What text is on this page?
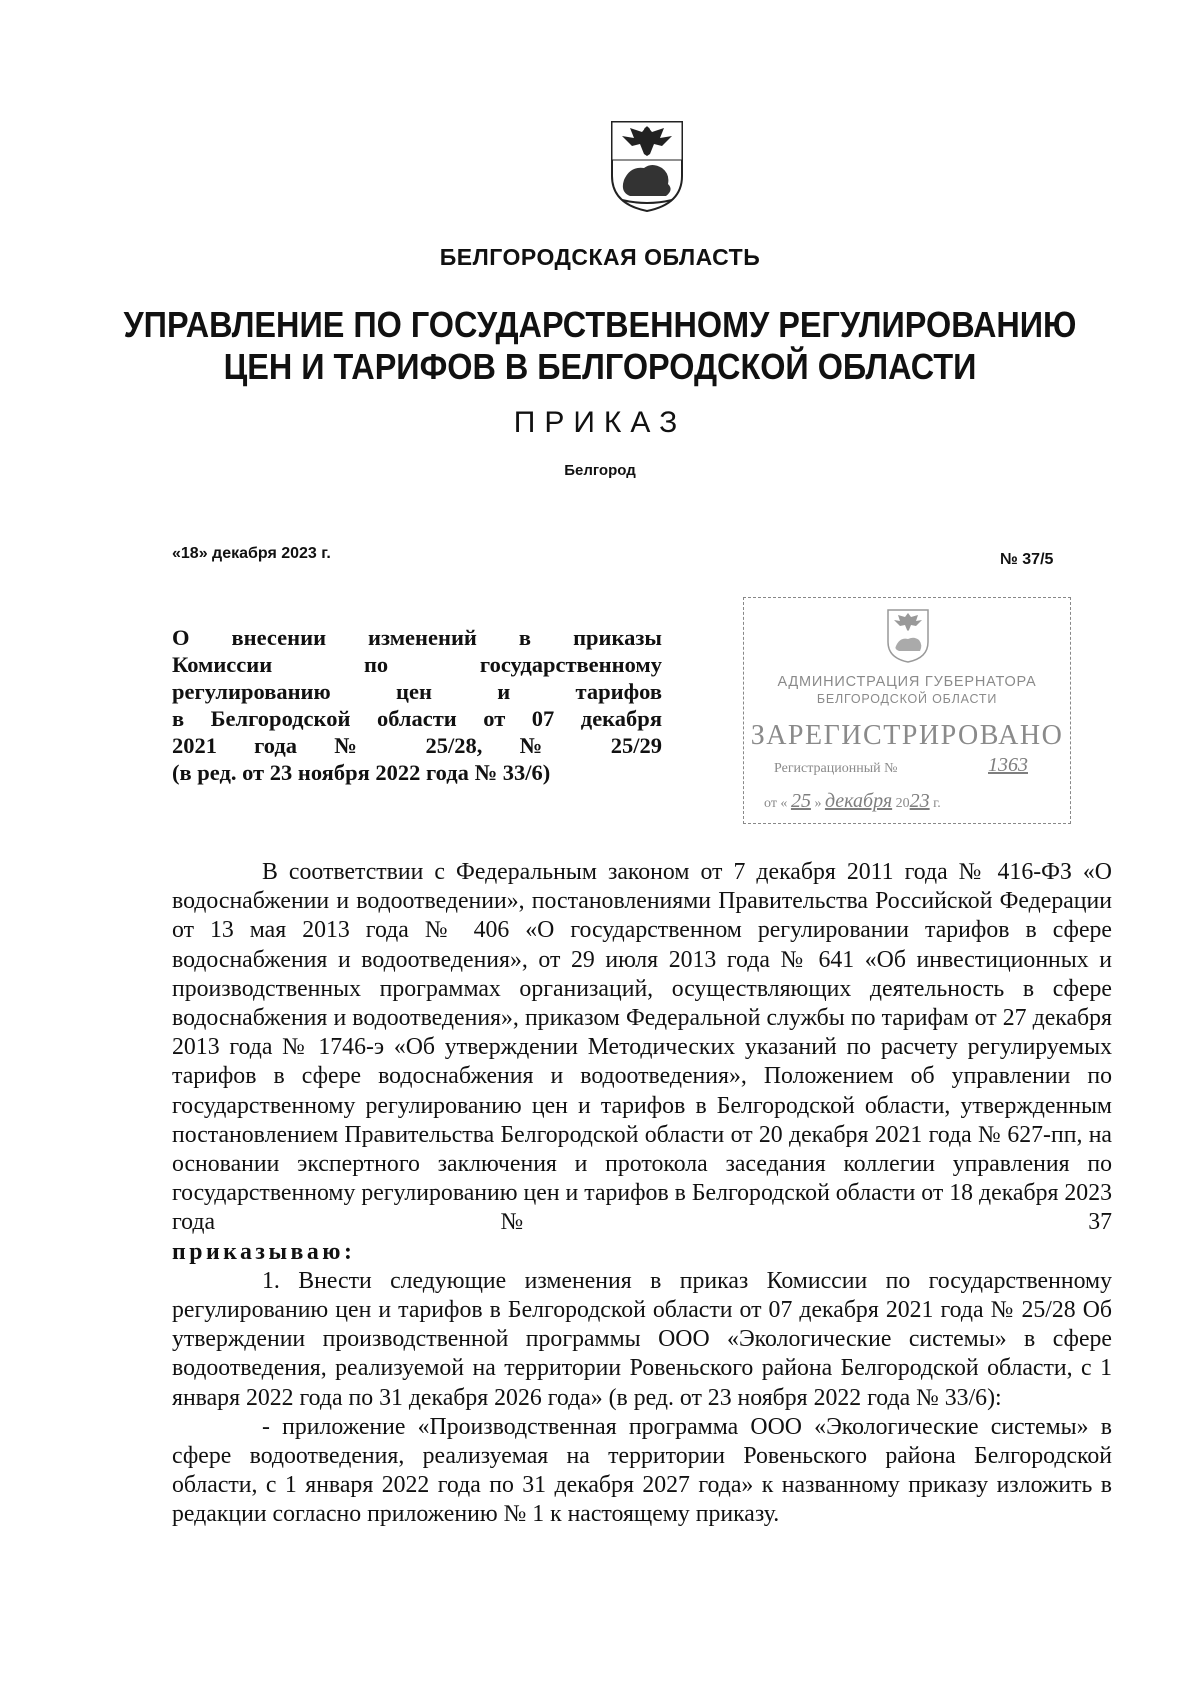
БЕЛГОРОДСКАЯ ОБЛАСТЬ
УПРАВЛЕНИЕ ПО ГОСУДАРСТВЕННОМУ РЕГУЛИРОВАНИЮ
ЦЕН И ТАРИФОВ В БЕЛГОРОДСКОЙ ОБЛАСТИ
ПРИКАЗ
Белгород
«18» декабря 2023 г.	№ 37/5
О внесении изменений в приказы
Комиссии по государственному
регулированию цен и тарифов
в Белгородской области от 07 декабря
2021 года № 25/28, № 25/29
(в ред. от 23 ноября 2022 года № 33/6)
АДМИНИСТРАЦИЯ ГУБЕРНАТОРА
БЕЛГОРОДСКОЙ ОБЛАСТИ
ЗАРЕГИСТРИРОВАНО
Регистрационный №	1363
от « 25 » декабря 2023 г.

В соответствии с Федеральным законом от 7 декабря 2011 года № 416-ФЗ «О водоснабжении и водоотведении», постановлениями Правительства Российской Федерации от 13 мая 2013 года № 406 «О государственном регулировании тарифов в сфере водоснабжения и водоотведения», от 29 июля 2013 года № 641 «Об инвестиционных и производственных программах организаций, осуществляющих деятельность в сфере водоснабжения и водоотведения», приказом Федеральной службы по тарифам от 27 декабря 2013 года № 1746-э «Об утверждении Методических указаний по расчету регулируемых тарифов в сфере водоснабжения и водоотведения», Положением об управлении по государственному регулированию цен и тарифов в Белгородской области, утвержденным постановлением Правительства Белгородской области от 20 декабря 2021 года № 627-пп, на основании экспертного заключения и протокола заседания коллегии управления по государственному регулированию цен и тарифов в Белгородской области от 18 декабря 2023 года № 37

приказываю:

1. Внести следующие изменения в приказ Комиссии по государственному регулированию цен и тарифов в Белгородской области от 07 декабря 2021 года № 25/28 Об утверждении производственной программы ООО «Экологические системы» в сфере водоотведения, реализуемой на территории Ровеньского района Белгородской области, с 1 января 2022 года по 31 декабря 2026 года» (в ред. от 23 ноября 2022 года № 33/6):

- приложение «Производственная программа ООО «Экологические системы» в сфере водоотведения, реализуемая на территории Ровеньского района Белгородской области, с 1 января 2022 года по 31 декабря 2027 года» к названному приказу изложить в редакции согласно приложению № 1 к настоящему приказу.
